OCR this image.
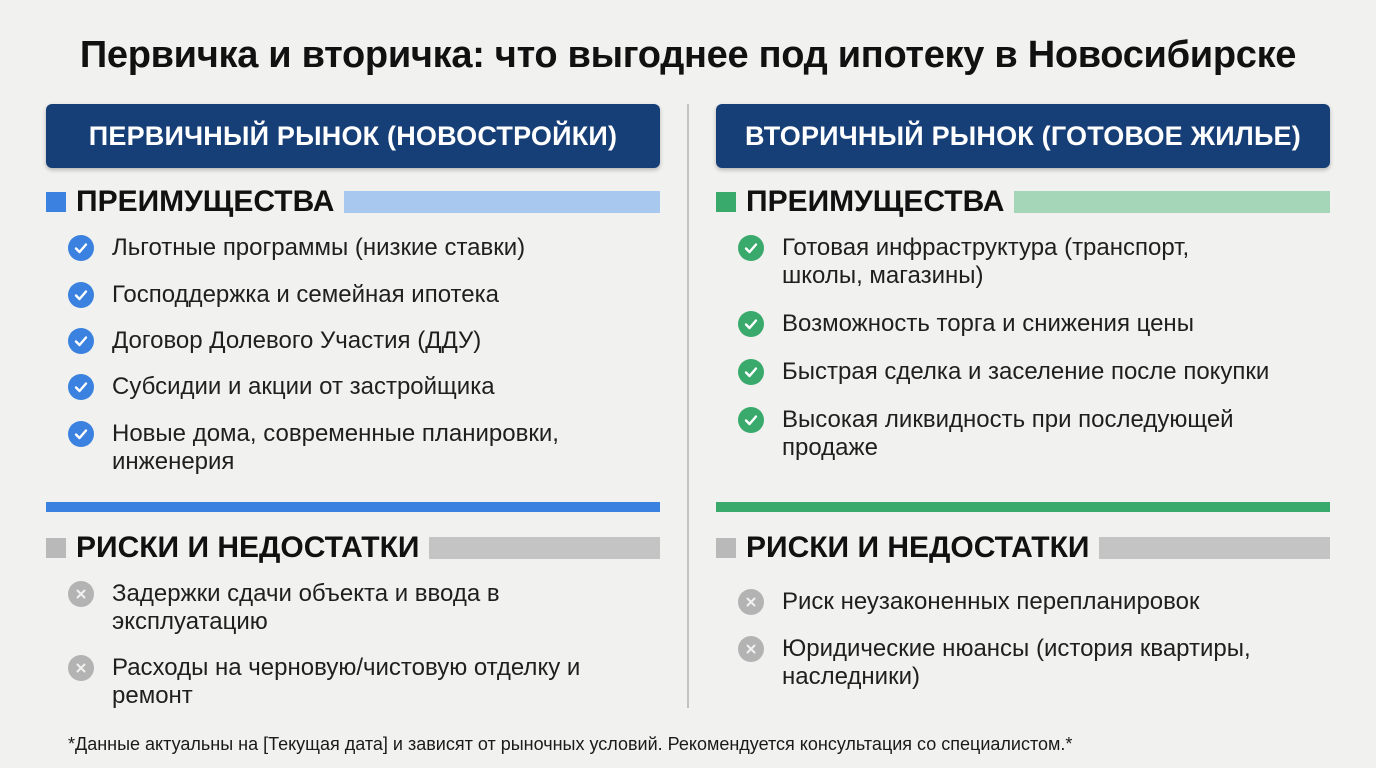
Первичка и вторичка: что выгоднее под ипотеку в Новосибирске
ПЕРВИЧНЫЙ РЫНОК (НОВОСТРОЙКИ)
ПРЕИМУЩЕСТВА
Льготные программы (низкие ставки)
Господдержка и семейная ипотека
Договор Долевого Участия (ДДУ)
Субсидии и акции от застройщика
Новые дома, современные планировки, инженерия
РИСКИ И НЕДОСТАТКИ
Задержки сдачи объекта и ввода в эксплуатацию
Расходы на черновую/чистовую отделку и ремонт
ВТОРИЧНЫЙ РЫНОК (ГОТОВОЕ ЖИЛЬЕ)
ПРЕИМУЩЕСТВА
Готовая инфраструктура (транспорт, школы, магазины)
Возможность торга и снижения цены
Быстрая сделка и заселение после покупки
Высокая ликвидность при последующей продаже
РИСКИ И НЕДОСТАТКИ
Риск неузаконенных перепланировок
Юридические нюансы (история квартиры, наследники)
*Данные актуальны на [Текущая дата] и зависят от рыночных условий. Рекомендуется консультация со специалистом.*
